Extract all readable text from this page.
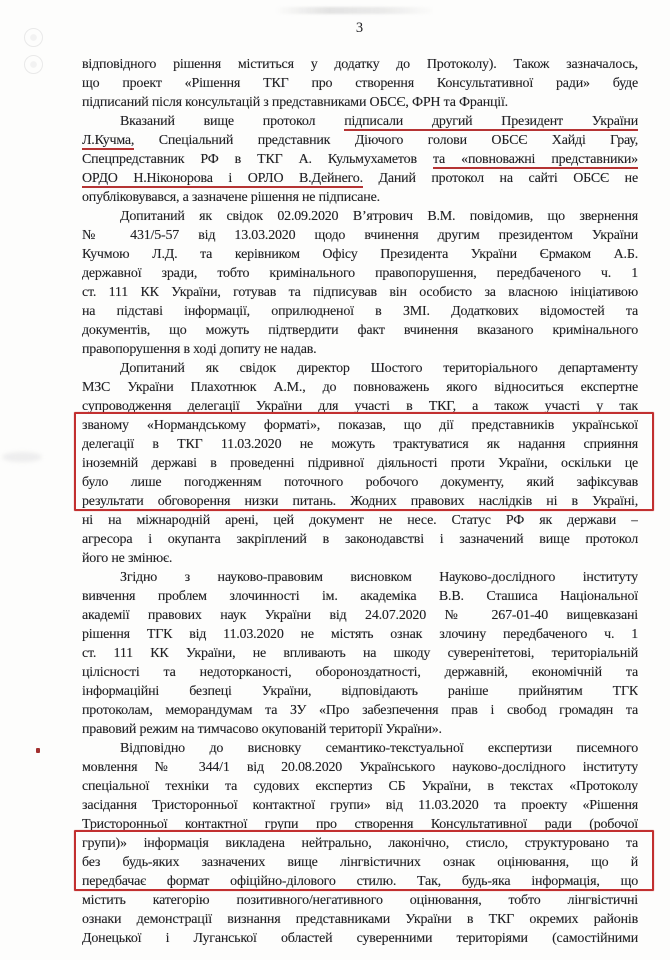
3
відповідного рішення міститься у додатку до Протоколу). Також зазначалось,
що проект «Рішення ТКГ про створення Консультативної ради» буде
підписаний після консультацій з представниками ОБСЄ, ФРН та Франції.
Вказаний вище протокол підписали другий Президент України
Л.Кучма, Спеціальний представник Діючого голови ОБСЄ Хайді Грау,
Спецпредставник РФ в ТКГ А. Кульмухаметов та «повноважні представники»
ОРДО Н.Ніконорова і ОРЛО В.Дейнего. Даний протокол на сайті ОБСЄ не
опубліковувався, а зазначене рішення не підписане.
Допитаний як свідок 02.09.2020 В’ятрович В.М. повідомив, що звернення
№ 431/5-57 від 13.03.2020 щодо вчинення другим президентом України
Кучмою Л.Д. та керівником Офісу Президента України Єрмаком А.Б.
державної зради, тобто кримінального правопорушення, передбаченого ч. 1
ст. 111 КК України, готував та підписував він особисто за власною ініціативою
на підставі інформації, оприлюдненої в ЗМІ. Додаткових відомостей та
документів, що можуть підтвердити факт вчинення вказаного кримінального
правопорушення в ході допиту не надав.
Допитаний як свідок директор Шостого територіального департаменту
МЗС України Плахотнюк А.М., до повноважень якого відноситься експертне
супроводження делегації України для участі в ТКГ, а також участі у так
званому «Нормандському форматі», показав, що дії представників української
делегації в ТКГ 11.03.2020 не можуть трактуватися як надання сприяння
іноземній державі в проведенні підривної діяльності проти України, оскільки це
було лише погодженням поточного робочого документу, який зафіксував
результати обговорення низки питань. Жодних правових наслідків ні в Україні,
ні на міжнародній арені, цей документ не несе. Статус РФ як держави –
агресора і окупанта закріплений в законодавстві і зазначений вище протокол
його не змінює.
Згідно з науково-правовим висновком Науково-дослідного інституту
вивчення проблем злочинності ім. академіка В.В. Сташиса Національної
академії правових наук України від 24.07.2020 № 267-01-40 вищевказані
рішення ТГК від 11.03.2020 не містять ознак злочину передбаченого ч. 1
ст. 111 КК України, не впливають на шкоду суверенітетові, територіальній
цілісності та недоторканості, обороноздатності, державній, економічній та
інформаційні безпеці України, відповідають раніше прийнятим ТГК
протоколам, меморандумам та ЗУ «Про забезпечення прав і свобод громадян та
правовий режим на тимчасово окупованій території України».
Відповідно до висновку семантико-текстуальної експертизи писемного
мовлення № 344/1 від 20.08.2020 Українського науково-дослідного інституту
спеціальної техніки та судових експертиз СБ України, в текстах «Протоколу
засідання Тристоронньої контактної групи» від 11.03.2020 та проекту «Рішення
Тристоронньої контактної групи про створення Консультативної ради (робочої
групи)» інформація викладена нейтрально, лаконічно, стисло, структуровано та
без будь-яких зазначених вище лінгвістичних ознак оцінювання, що й
передбачає формат офіційно-ділового стилю. Так, будь-яка інформація, що
містить категорію позитивного/негативного оцінювання, тобто лінгвістичні
ознаки демонстрації визнання представниками України в ТКГ окремих районів
Донецької і Луганської областей суверенними територіями (самостійними
